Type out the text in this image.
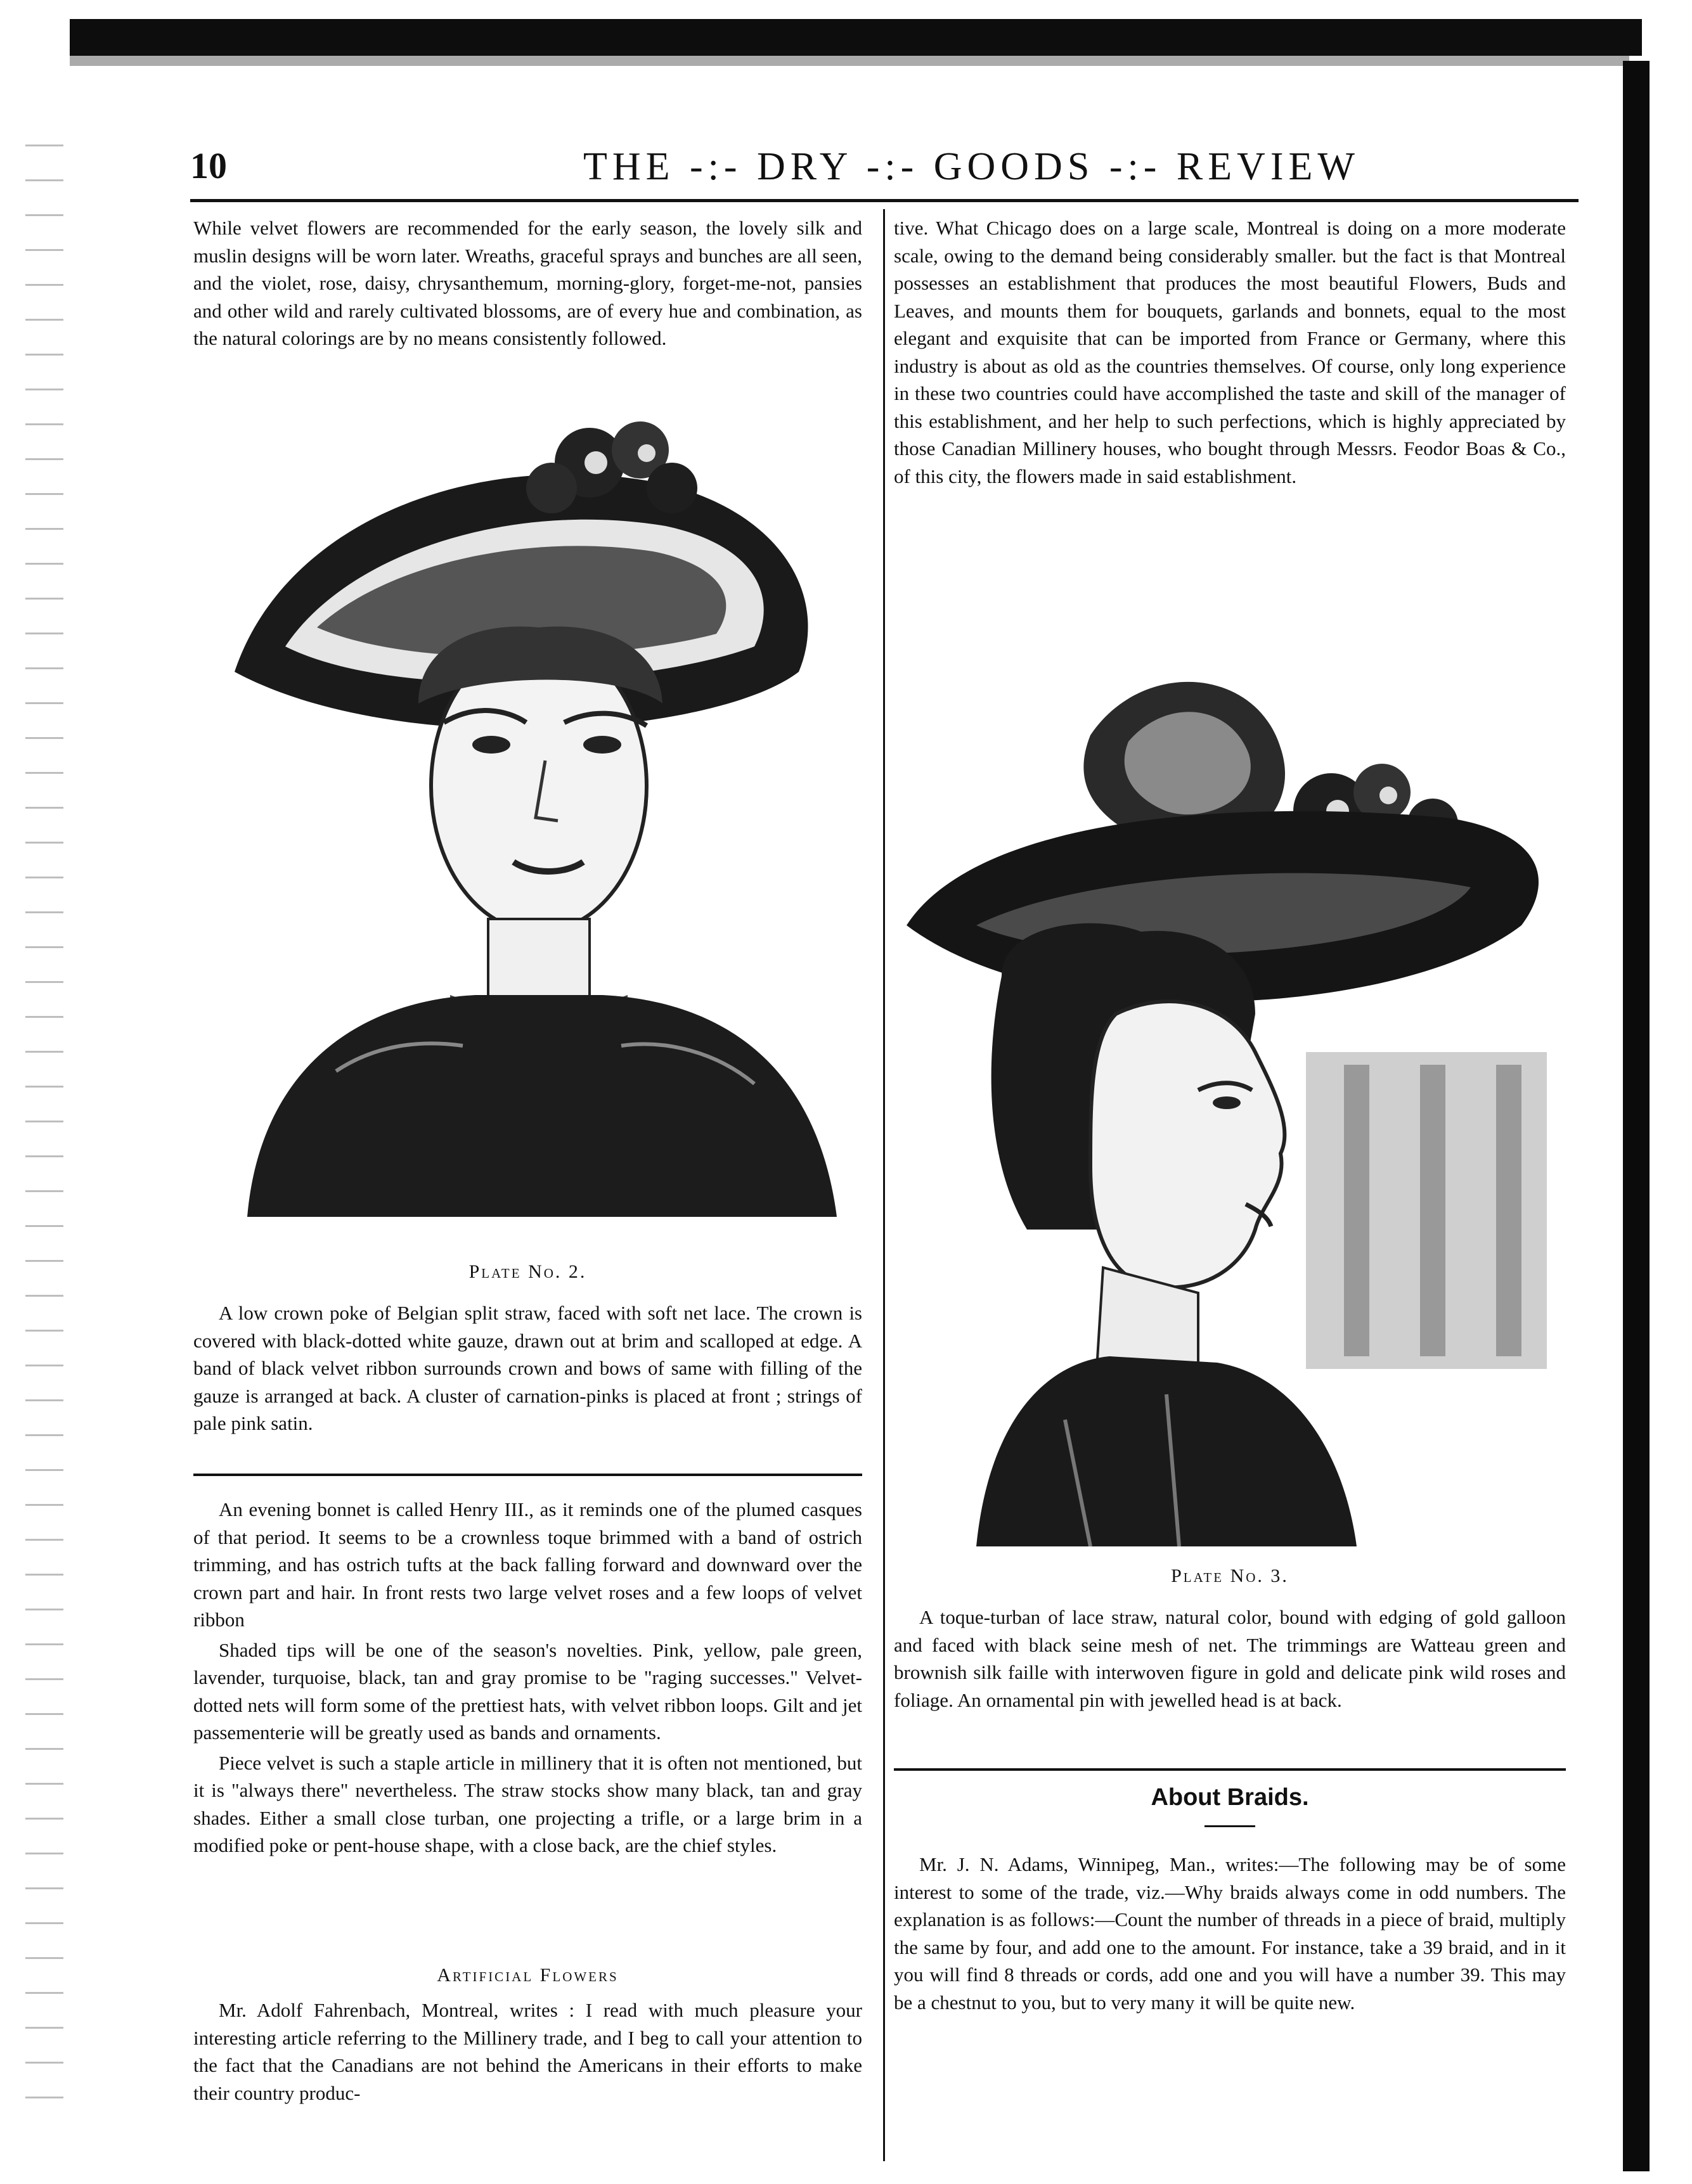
10	THE -:- DRY -:- GOODS -:- REVIEW

While velvet flowers are recommended for the early season, the lovely silk and muslin designs will be worn later. Wreaths, graceful sprays and bunches are all seen, and the violet, rose, daisy, chrysanthemum, morning-glory, forget-me-not, pansies and other wild and rarely cultivated blossoms, are of every hue and combination, as the natural colorings are by no means consistently followed.

Plate No. 2.

A low crown poke of Belgian split straw, faced with soft net lace. The crown is covered with black-dotted white gauze, drawn out at brim and scalloped at edge. A band of black velvet ribbon surrounds crown and bows of same with filling of the gauze is arranged at back. A cluster of carnation-pinks is placed at front ; strings of pale pink satin.

An evening bonnet is called Henry III., as it reminds one of the plumed casques of that period. It seems to be a crownless toque brimmed with a band of ostrich trimming, and has ostrich tufts at the back falling forward and downward over the crown part and hair. In front rests two large velvet roses and a few loops of velvet ribbon

Shaded tips will be one of the season's novelties. Pink, yellow, pale green, lavender, turquoise, black, tan and gray promise to be "raging successes." Velvet-dotted nets will form some of the prettiest hats, with velvet ribbon loops. Gilt and jet passementerie will be greatly used as bands and ornaments.

Piece velvet is such a staple article in millinery that it is often not mentioned, but it is "always there" nevertheless. The straw stocks show many black, tan and gray shades. Either a small close turban, one projecting a trifle, or a large brim in a modified poke or pent-house shape, with a close back, are the chief styles.

Artificial Flowers

Mr. Adolf Fahrenbach, Montreal, writes : I read with much pleasure your interesting article referring to the Millinery trade, and I beg to call your attention to the fact that the Canadians are not behind the Americans in their efforts to make their country produc-

tive. What Chicago does on a large scale, Montreal is doing on a more moderate scale, owing to the demand being considerably smaller. but the fact is that Montreal possesses an establishment that produces the most beautiful Flowers, Buds and Leaves, and mounts them for bouquets, garlands and bonnets, equal to the most elegant and exquisite that can be imported from France or Germany, where this industry is about as old as the countries themselves. Of course, only long experience in these two countries could have accomplished the taste and skill of the manager of this establishment, and her help to such perfections, which is highly appreciated by those Canadian Millinery houses, who bought through Messrs. Feodor Boas & Co., of this city, the flowers made in said establishment.

Plate No. 3.

A toque-turban of lace straw, natural color, bound with edging of gold galloon and faced with black seine mesh of net. The trimmings are Watteau green and brownish silk faille with interwoven figure in gold and delicate pink wild roses and foliage. An ornamental pin with jewelled head is at back.

About Braids.

Mr. J. N. Adams, Winnipeg, Man., writes:—The following may be of some interest to some of the trade, viz.—Why braids always come in odd numbers. The explanation is as follows:—Count the number of threads in a piece of braid, multiply the same by four, and add one to the amount. For instance, take a 39 braid, and in it you will find 8 threads or cords, add one and you will have a number 39. This may be a chestnut to you, but to very many it will be quite new.
